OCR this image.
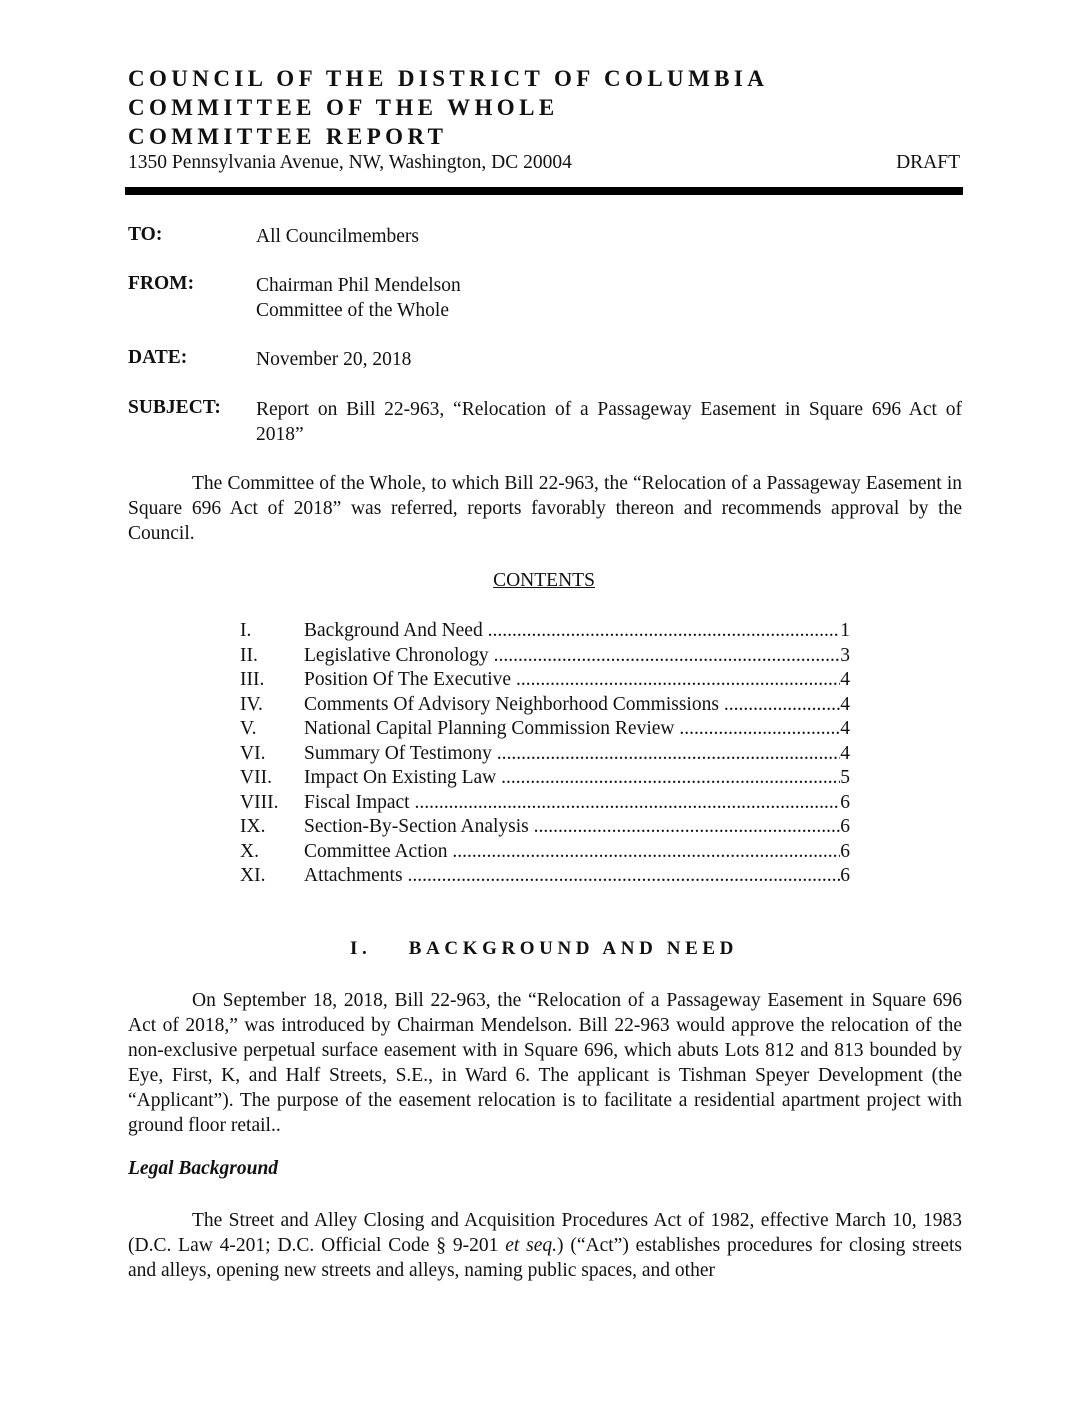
COUNCIL OF THE DISTRICT OF COLUMBIA
COMMITTEE OF THE WHOLE
COMMITTEE REPORT
1350 Pennsylvania Avenue, NW, Washington, DC 20004	DRAFT
TO:	All Councilmembers
FROM:	Chairman Phil Mendelson
Committee of the Whole
DATE:	November 20, 2018
SUBJECT: Report on Bill 22-963, “Relocation of a Passageway Easement in Square 696 Act of 2018”
The Committee of the Whole, to which Bill 22-963, the “Relocation of a Passageway Easement in Square 696 Act of 2018” was referred, reports favorably thereon and recommends approval by the Council.
CONTENTS
I.	Background And Need .....	1
II.	Legislative Chronology .....	3
III.	Position Of The Executive .....	4
IV.	Comments Of Advisory Neighborhood Commissions .....	4
V.	National Capital Planning Commission Review .....	4
VI.	Summary Of Testimony .....	4
VII.	Impact On Existing Law .....	5
VIII.	Fiscal Impact .....	6
IX.	Section-By-Section Analysis .....	6
X.	Committee Action .....	6
XI.	Attachments .....	6
I.    BACKGROUND AND NEED
On September 18, 2018, Bill 22-963, the “Relocation of a Passageway Easement in Square 696 Act of 2018,” was introduced by Chairman Mendelson. Bill 22-963 would approve the relocation of the non-exclusive perpetual surface easement with in Square 696, which abuts Lots 812 and 813 bounded by Eye, First, K, and Half Streets, S.E., in Ward 6. The applicant is Tishman Speyer Development (the “Applicant”). The purpose of the easement relocation is to facilitate a residential apartment project with ground floor retail..
Legal Background
The Street and Alley Closing and Acquisition Procedures Act of 1982, effective March 10, 1983 (D.C. Law 4-201; D.C. Official Code § 9-201 et seq.) (“Act”) establishes procedures for closing streets and alleys, opening new streets and alleys, naming public spaces, and other
